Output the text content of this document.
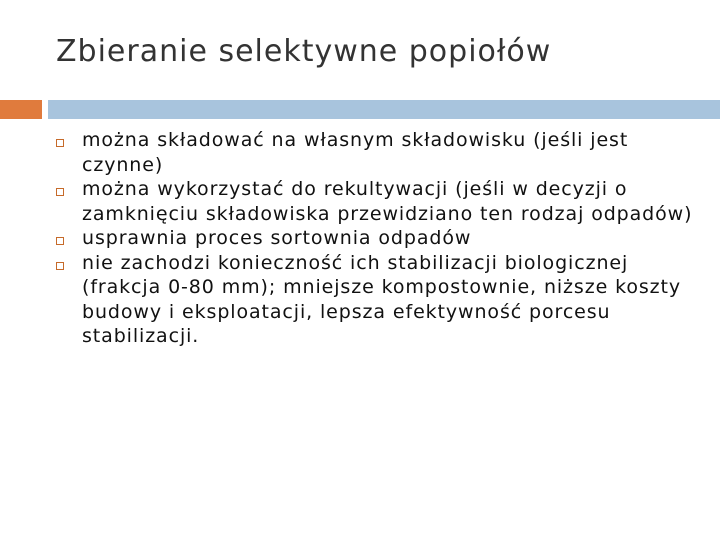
Zbieranie selektywne popiołów
można składować na własnym składowisku (jeśli jest czynne)
można wykorzystać do rekultywacji (jeśli w decyzji o zamknięciu składowiska przewidziano ten rodzaj odpadów)
usprawnia proces sortownia odpadów
nie zachodzi konieczność ich stabilizacji biologicznej (frakcja 0-80 mm); mniejsze kompostownie, niższe koszty budowy i eksploatacji, lepsza efektywność porcesu stabilizacji.
